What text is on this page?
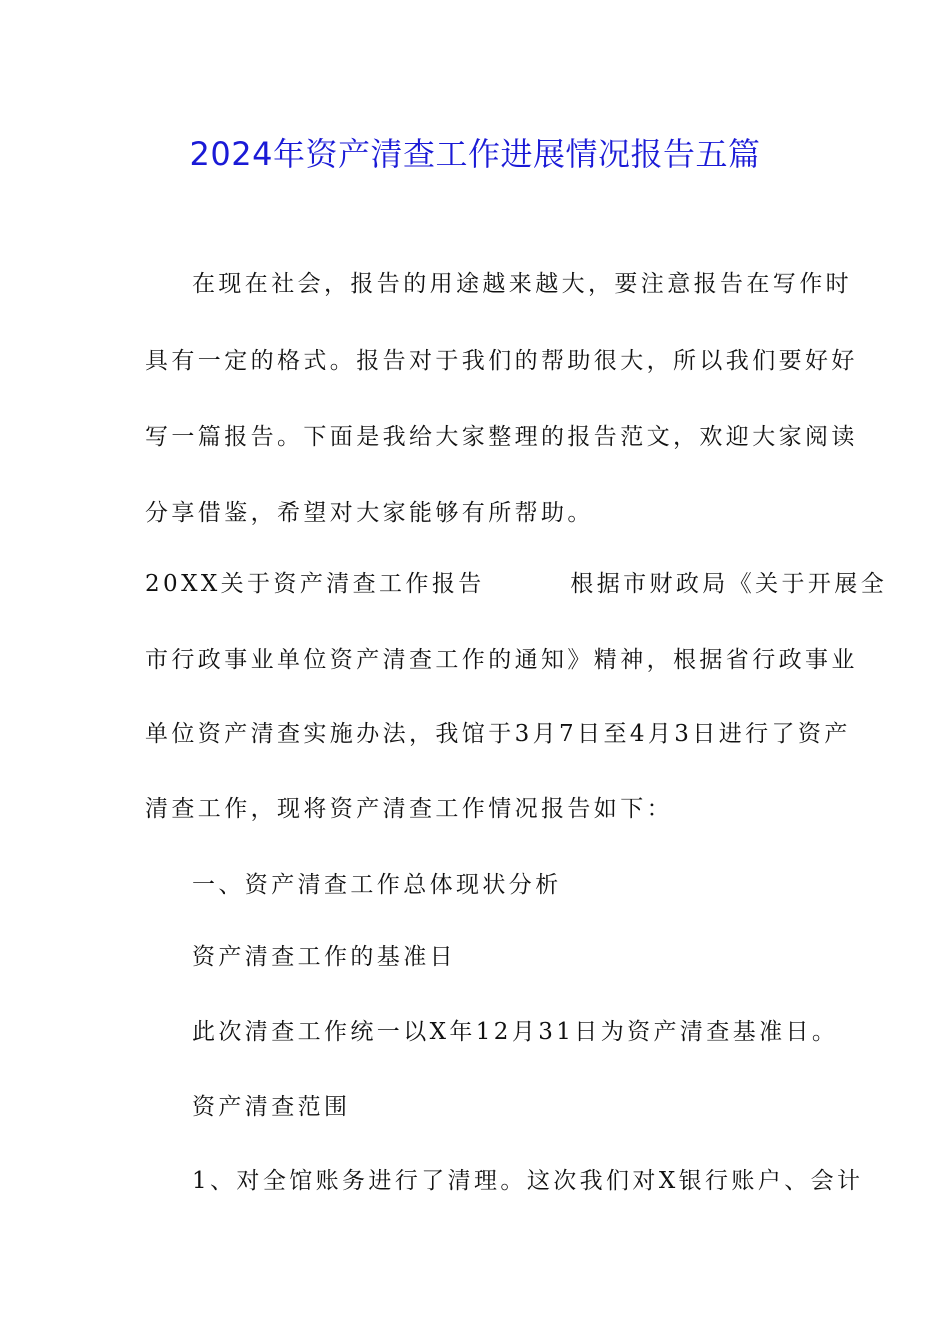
2024年资产清查工作进展情况报告五篇
在现在社会，报告的用途越来越大，要注意报告在写作时
具有一定的格式。报告对于我们的帮助很大，所以我们要好好
写一篇报告。下面是我给大家整理的报告范文，欢迎大家阅读
分享借鉴，希望对大家能够有所帮助。
20XX关于资产清查工作报告        根据市财政局《关于开展全
市行政事业单位资产清查工作的通知》精神，根据省行政事业
单位资产清查实施办法，我馆于3月7日至4月3日进行了资产
清查工作，现将资产清查工作情况报告如下：
一、资产清查工作总体现状分析
资产清查工作的基准日
此次清查工作统一以X年12月31日为资产清查基准日。
资产清查范围
1、对全馆账务进行了清理。这次我们对X银行账户、会计
